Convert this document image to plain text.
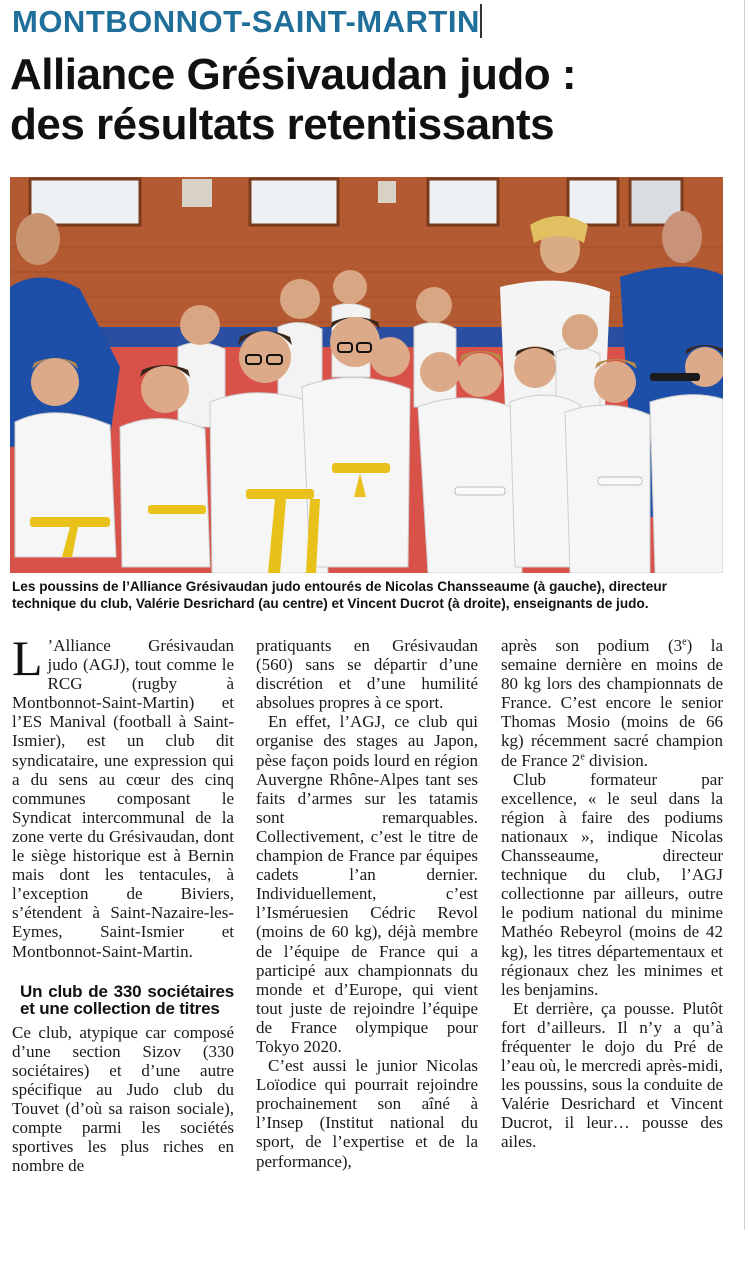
MONTBONNOT-SAINT-MARTIN
Alliance Grésivaudan judo :
des résultats retentissants

Les poussins de l’Alliance Grésivaudan judo entourés de Nicolas Chansseaume (à gauche), directeur technique du club, Valérie Desrichard (au centre) et Vincent Ducrot (à droite), enseignants de judo.

L ’Alliance Grésivaudan judo (AGJ), tout comme le RCG (rugby à Montbonnot-Saint-Martin) et l’ES Manival (football à Saint-Ismier), est un club dit syndicataire, une expression qui a du sens au cœur des cinq communes composant le Syndicat intercommunal de la zone verte du Grésivaudan, dont le siège historique est à Bernin mais dont les tentacules, à l’exception de Biviers, s’étendent à Saint-Nazaire-les-Eymes, Saint-Ismier et Montbonnot-Saint-Martin.

Un club de 330 sociétaires et une collection de titres

Ce club, atypique car composé d’une section Sizov (330 sociétaires) et d’une autre spécifique au Judo club du Touvet (d’où sa raison sociale), compte parmi les sociétés sportives les plus riches en nombre de

pratiquants en Grésivaudan (560) sans se départir d’une discrétion et d’une humilité absolues propres à ce sport.

En effet, l’AGJ, ce club qui organise des stages au Japon, pèse façon poids lourd en région Auvergne Rhône-Alpes tant ses faits d’armes sur les tatamis sont remarquables. Collectivement, c’est le titre de champion de France par équipes cadets l’an dernier. Individuellement, c’est l’Isméruesien Cédric Revol (moins de 60 kg), déjà membre de l’équipe de France qui a participé aux championnats du monde et d’Europe, qui vient tout juste de rejoindre l’équipe de France olympique pour Tokyo 2020.

C’est aussi le junior Nicolas Loïodice qui pourrait rejoindre prochainement son aîné à l’Insep (Institut national du sport, de l’expertise et de la performance),

après son podium (3e) la semaine dernière en moins de 80 kg lors des championnats de France. C’est encore le senior Thomas Mosio (moins de 66 kg) récemment sacré champion de France 2e division.

Club formateur par excellence, « le seul dans la région à faire des podiums nationaux », indique Nicolas Chansseaume, directeur technique du club, l’AGJ collectionne par ailleurs, outre le podium national du minime Mathéo Rebeyrol (moins de 42 kg), les titres départementaux et régionaux chez les minimes et les benjamins.

Et derrière, ça pousse. Plutôt fort d’ailleurs. Il n’y a qu’à fréquenter le dojo du Pré de l’eau où, le mercredi après-midi, les poussins, sous la conduite de Valérie Desrichard et Vincent Ducrot, il leur… pousse des ailes.
